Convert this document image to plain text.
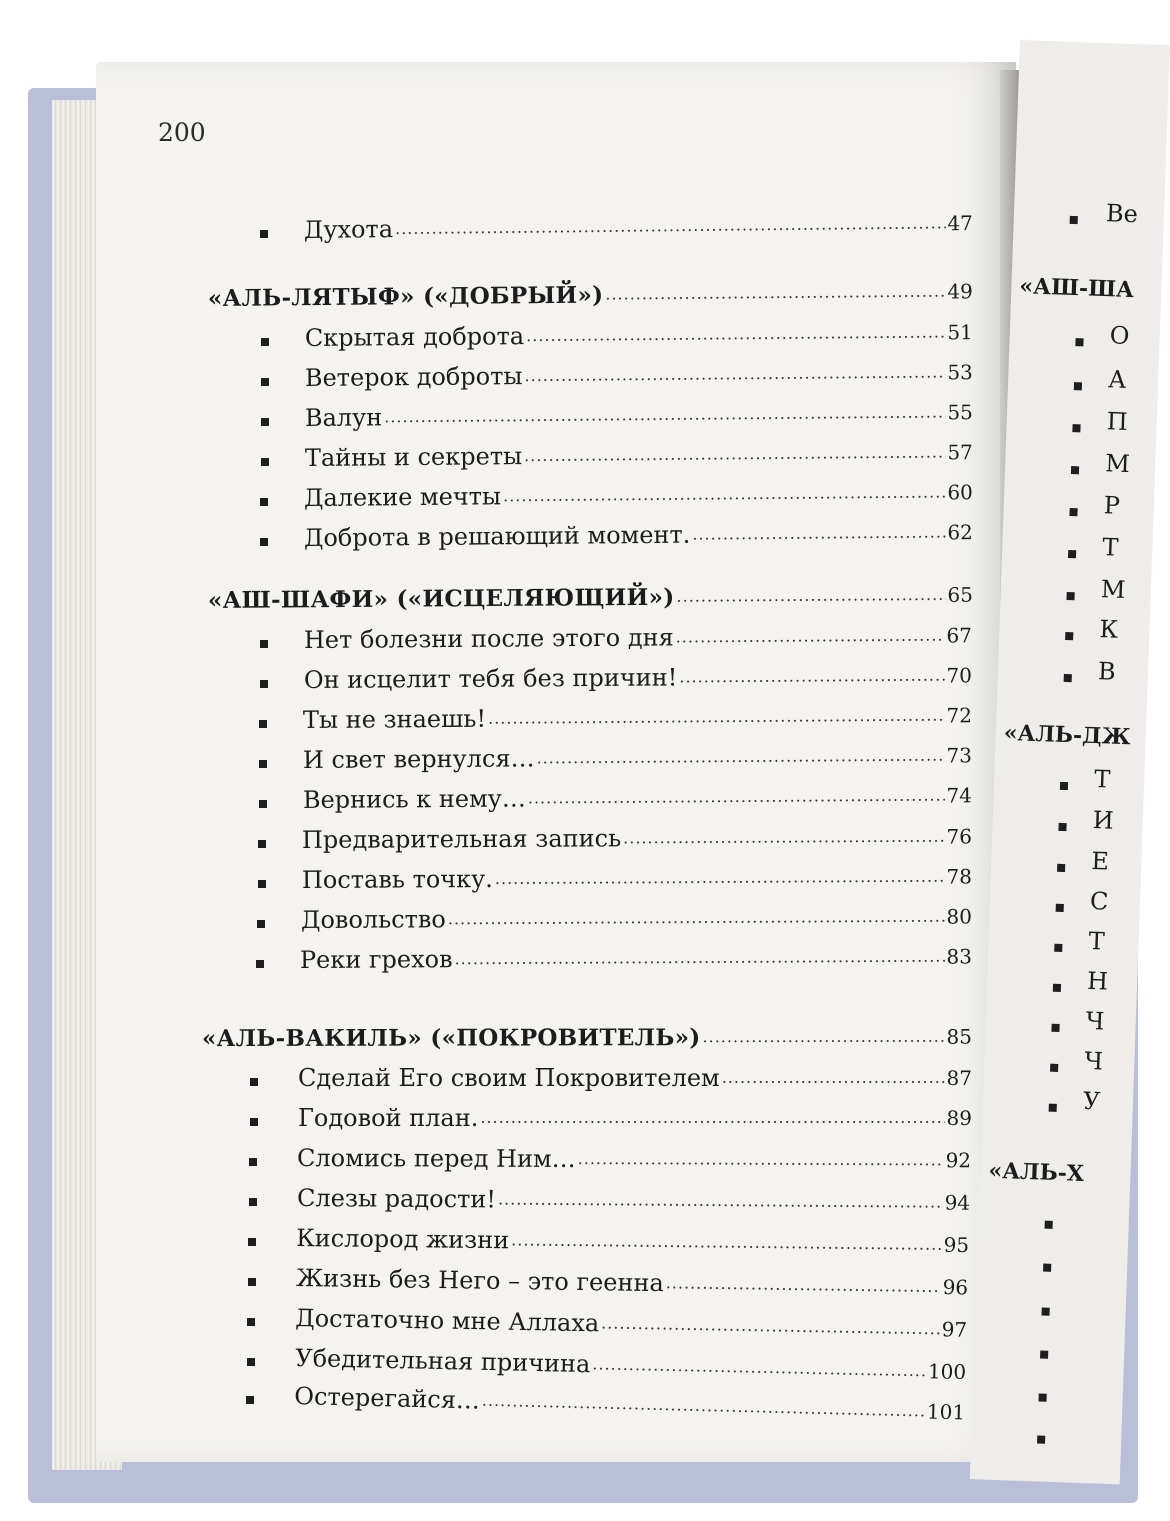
Ве
«АШ-ША
О
А
П
М
Р
Т
М
К
В
«АЛЬ-ДЖ
Т
И
Е
С
Т
Н
Ч
Ч
У
«АЛЬ-Х
200
Духота .....	47
«АЛЬ-ЛЯТЫФ» («ДОБРЫЙ») .....	49
Скрытая доброта .....	51
Ветерок доброты .....	53
Валун .....	55
Тайны и секреты .....	57
Далекие мечты .....	60
Доброта в решающий момент. .....	62
«АШ-ШАФИ» («ИСЦЕЛЯЮЩИЙ») .....	65
Нет болезни после этого дня .....	67
Он исцелит тебя без причин! .....	70
Ты не знаешь! .....	72
И свет вернулся… .....	73
Вернись к нему… .....	74
Предварительная запись .....	76
Поставь точку. .....	78
Довольство .....	80
Реки грехов .....	83
«АЛЬ-ВАКИЛЬ» («ПОКРОВИТЕЛЬ») .....	85
Сделай Его своим Покровителем .....	87
Годовой план. .....	89
Сломись перед Ним… .....	92
Слезы радости! .....	94
Кислород жизни .....	95
Жизнь без Него – это геенна .....	96
Достаточно мне Аллаха .....	97
Убедительная причина .....	100
Остерегайся… .....	101
